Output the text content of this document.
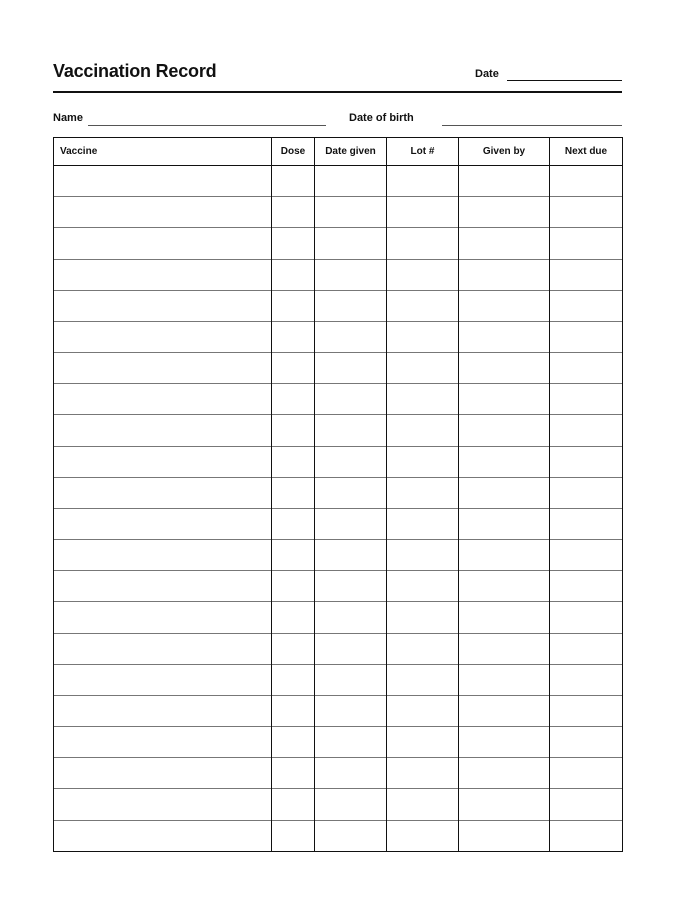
Vaccination Record	Date
Name	Date of birth
Vaccine	Dose	Date given	Lot #	Given by	Next due
